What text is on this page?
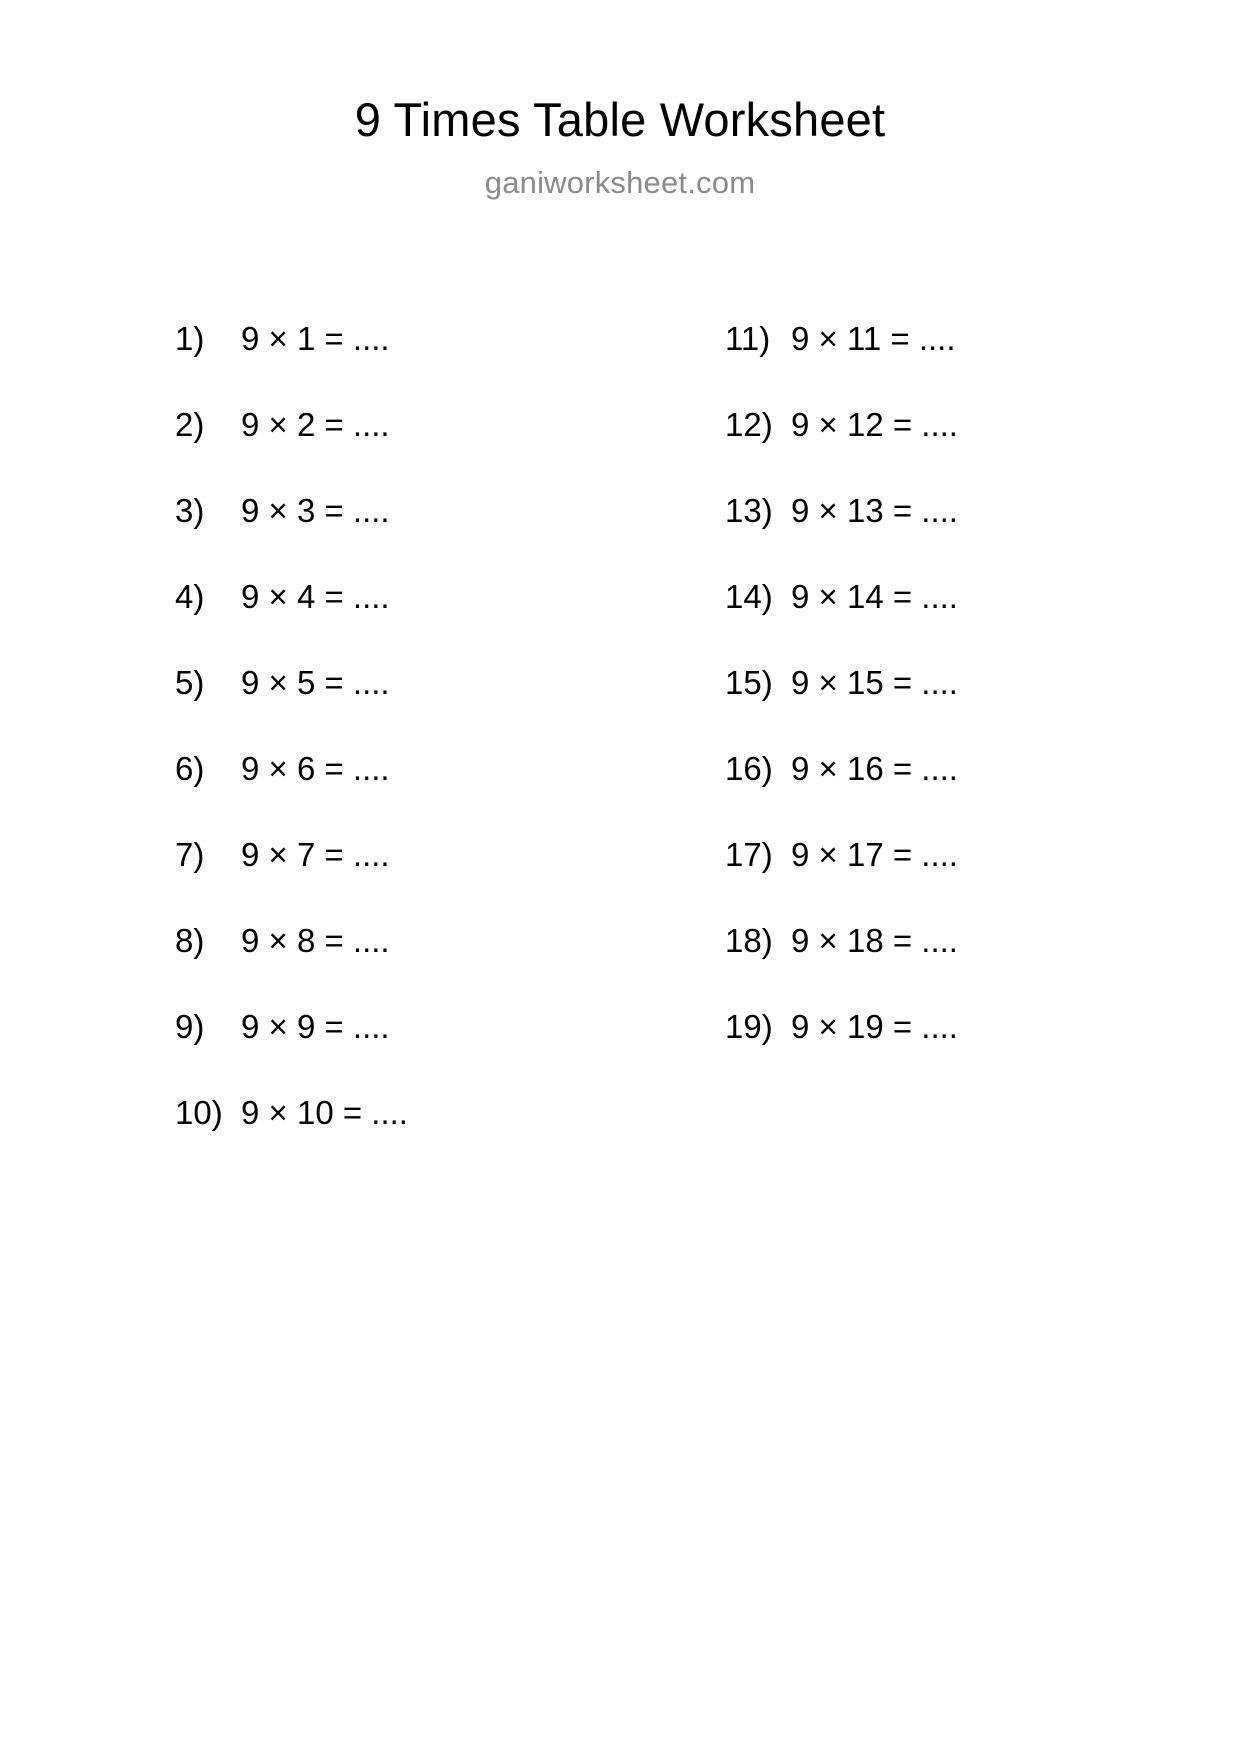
9 Times Table Worksheet
ganiworksheet.com
1)	9 × 1 = ....
2)	9 × 2 = ....
3)	9 × 3 = ....
4)	9 × 4 = ....
5)	9 × 5 = ....
6)	9 × 6 = ....
7)	9 × 7 = ....
8)	9 × 8 = ....
9)	9 × 9 = ....
10) 9 × 10 = ....
11) 9 × 11 = ....
12) 9 × 12 = ....
13) 9 × 13 = ....
14) 9 × 14 = ....
15) 9 × 15 = ....
16) 9 × 16 = ....
17) 9 × 17 = ....
18) 9 × 18 = ....
19) 9 × 19 = ....
